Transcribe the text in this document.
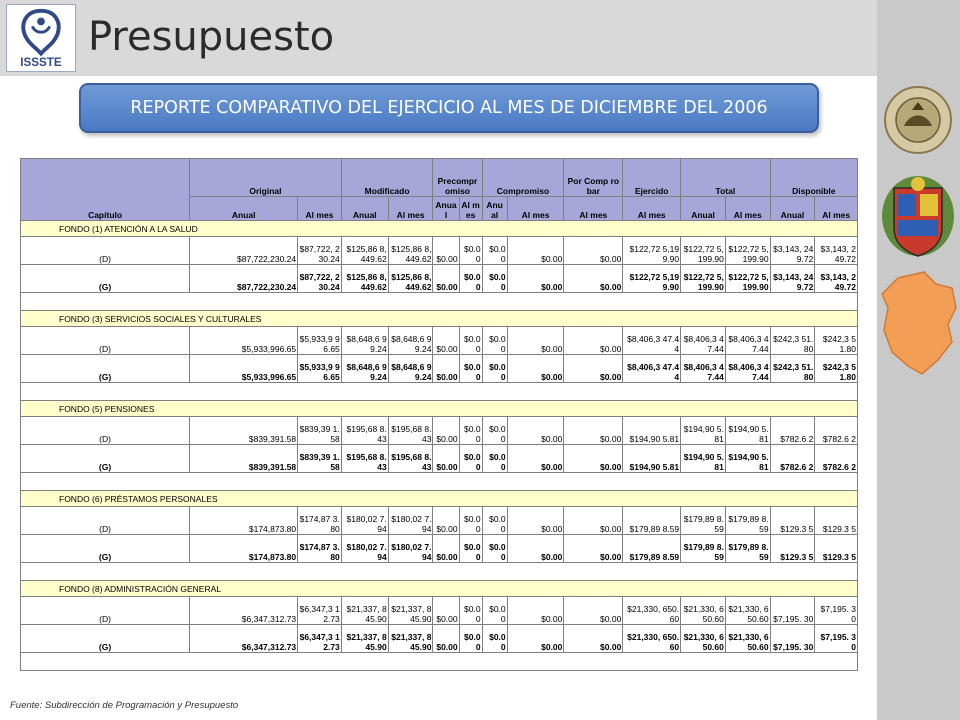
ISSSTE
Presupuesto
REPORTE COMPARATIVO DEL EJERCICIO AL MES DE DICIEMBRE DEL 2006
Capítulo	Original		Modificado		Precompr omiso		Compromiso		Por Comp robar	Ejercido	Total		Disponible	
	Anual	Al mes	Anual	Al mes	Anua l	Al m es	Anu al	Al mes	Al mes	Al mes	Anual	Al mes	Anual	Al mes
FONDO (1) ATENCIÓN A LA SALUD														
(D)	$87,722,230.24	$87,722, 230.24	$125,86 8,449.62	$125,86 8,449.62	$0.00	$0.00	$0.0 0	$0.00	$0.00	$122,72 5,199.90	$122,72 5,199.90	$122,72 5,199.90	$3,143, 249.72	$3,143, 249.72
(G)	$87,722,230.24	$87,722, 230.24	$125,86 8,449.62	$125,86 8,449.62	$0.00	$0.00	$0.0 0	$0.00	$0.00	$122,72 5,199.90	$122,72 5,199.90	$122,72 5,199.90	$3,143, 249.72	$3,143, 249.72

FONDO (3) SERVICIOS SOCIALES Y CULTURALES														
(D)	$5,933,996.65	$5,933,9 96.65	$8,648,6 99.24	$8,648,6 99.24	$0.00	$0.00	$0.0 0	$0.00	$0.00	$8,406,3 47.44	$8,406,3 47.44	$8,406,3 47.44	$242,3 51.80	$242,3 51.80
(G)	$5,933,996.65	$5,933,9 96.65	$8,648,6 99.24	$8,648,6 99.24	$0.00	$0.00	$0.0 0	$0.00	$0.00	$8,406,3 47.44	$8,406,3 47.44	$8,406,3 47.44	$242,3 51.80	$242,3 51.80

FONDO (5) PENSIONES														
(D)	$839,391.58	$839,39 1.58	$195,68 8.43	$195,68 8.43	$0.00	$0.00	$0.0 0	$0.00	$0.00	$194,90 5.81	$194,90 5.81	$194,90 5.81	$782.6 2	$782.6 2
(G)	$839,391.58	$839,39 1.58	$195,68 8.43	$195,68 8.43	$0.00	$0.00	$0.0 0	$0.00	$0.00	$194,90 5.81	$194,90 5.81	$194,90 5.81	$782.6 2	$782.6 2

FONDO (6) PRÉSTAMOS PERSONALES														
(D)	$174,873.80	$174,87 3.80	$180,02 7.94	$180,02 7.94	$0.00	$0.00	$0.0 0	$0.00	$0.00	$179,89 8.59	$179,89 8.59	$179,89 8.59	$129.3 5	$129.3 5
(G)	$174,873.80	$174,87 3.80	$180,02 7.94	$180,02 7.94	$0.00	$0.00	$0.0 0	$0.00	$0.00	$179,89 8.59	$179,89 8.59	$179,89 8.59	$129.3 5	$129.3 5

FONDO (8) ADMINISTRACIÓN GENERAL														
(D)	$6,347,312.73	$6,347,3 12.73	$21,337, 845.90	$21,337, 845.90	$0.00	$0.00	$0.0 0	$0.00	$0.00	$21,330, 650.60	$21,330, 650.60	$21,330, 650.60	$7,195. 30	$7,195. 30
(G)	$6,347,312.73	$6,347,3 12.73	$21,337, 845.90	$21,337, 845.90	$0.00	$0.00	$0.0 0	$0.00	$0.00	$21,330, 650.60	$21,330, 650.60	$21,330, 650.60	$7,195. 30	$7,195. 30

Fuente: Subdirección de Programación y Presupuesto
